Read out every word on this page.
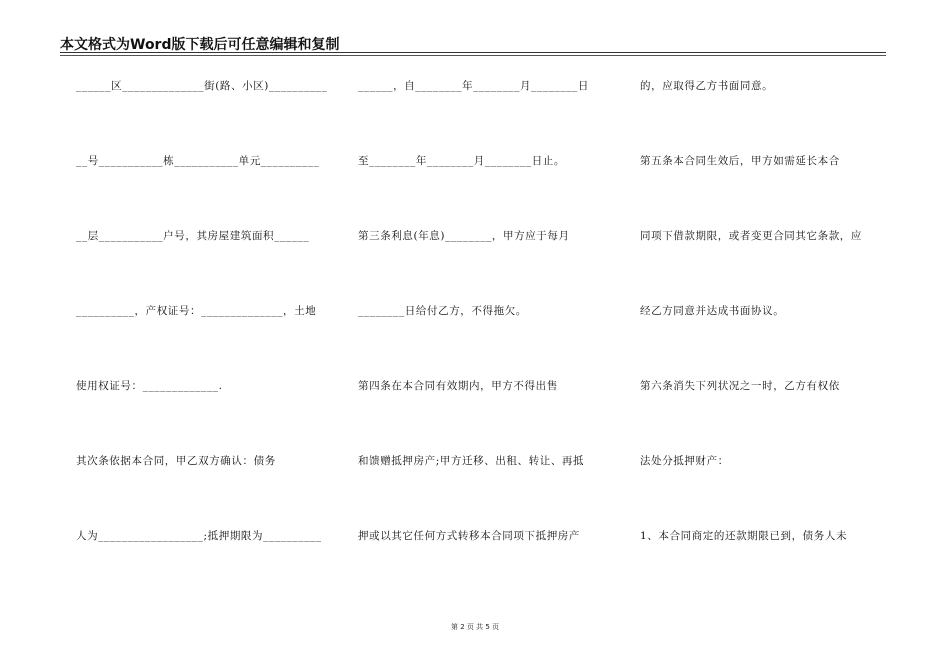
本文格式为Word版下载后可任意编辑和复制
______区______________街(路、小区)__________
__号___________栋___________单元__________
__层___________户号，其房屋建筑面积______
__________，产权证号：______________，土地
使用权证号：_____________.
其次条依据本合同，甲乙双方确认：债务
人为__________________;抵押期限为__________
______，自________年________月________日
至________年________月________日止。
第三条利息(年息)________，甲方应于每月
________日给付乙方，不得拖欠。
第四条在本合同有效期内，甲方不得出售
和馈赠抵押房产;甲方迁移、出租、转让、再抵
押或以其它任何方式转移本合同项下抵押房产
的，应取得乙方书面同意。
第五条本合同生效后，甲方如需延长本合
同项下借款期限，或者变更合同其它条款，应
经乙方同意并达成书面协议。
第六条消失下列状况之一时，乙方有权依
法处分抵押财产：
1、本合同商定的还款期限已到，债务人未
第 2 页 共 5 页
